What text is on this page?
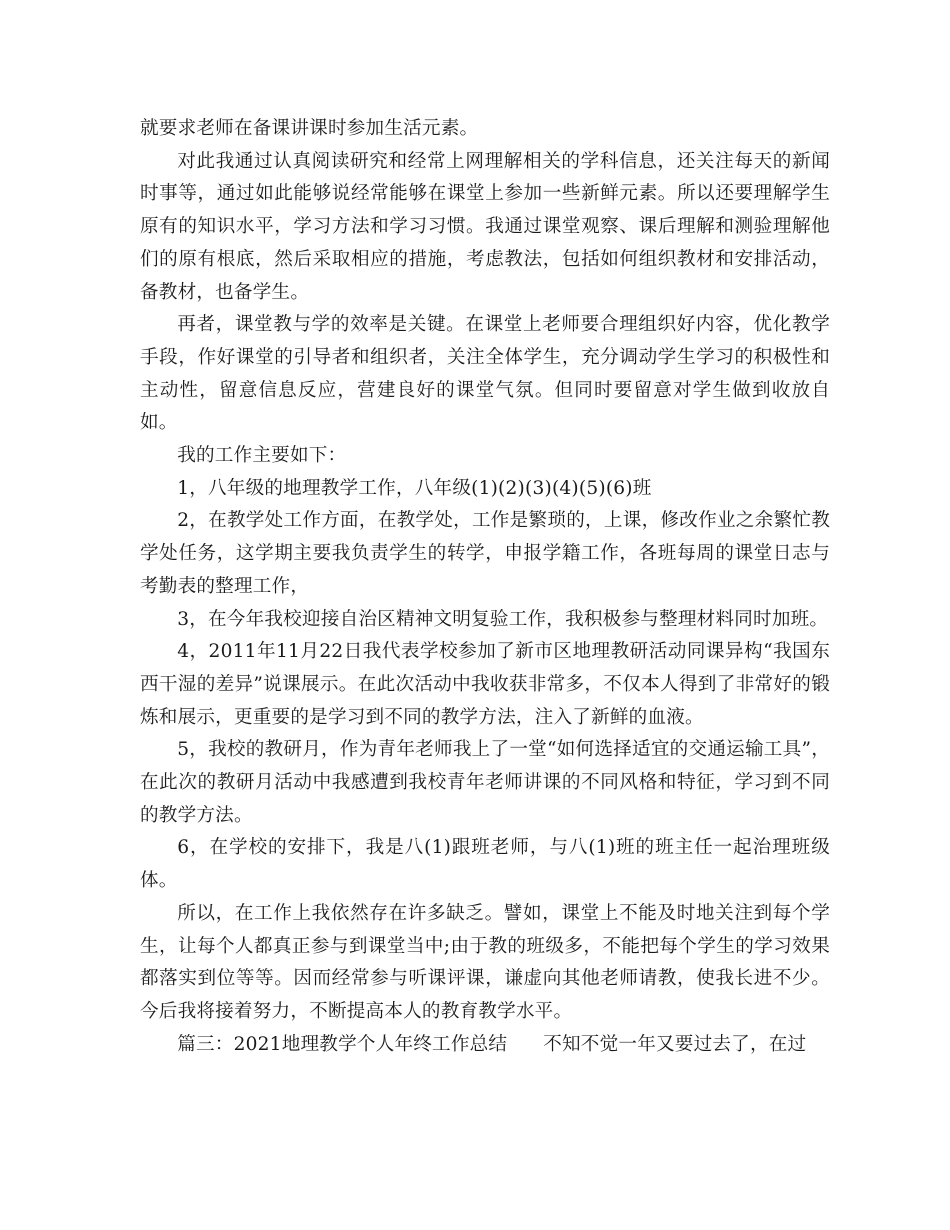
就要求老师在备课讲课时参加生活元素。

对此我通过认真阅读研究和经常上网理解相关的学科信息，还关注每天的新闻时事等，通过如此能够说经常能够在课堂上参加一些新鲜元素。所以还要理解学生原有的知识水平，学习方法和学习习惯。我通过课堂观察、课后理解和测验理解他们的原有根底，然后采取相应的措施，考虑教法，包括如何组织教材和安排活动，备教材，也备学生。

再者，课堂教与学的效率是关键。在课堂上老师要合理组织好内容，优化教学手段，作好课堂的引导者和组织者，关注全体学生，充分调动学生学习的积极性和主动性，留意信息反应，营建良好的课堂气氛。但同时要留意对学生做到收放自如。

我的工作主要如下：

1，八年级的地理教学工作，八年级(1)(2)(3)(4)(5)(6)班

2，在教学处工作方面，在教学处，工作是繁琐的，上课，修改作业之余繁忙教学处任务，这学期主要我负责学生的转学，申报学籍工作，各班每周的课堂日志与考勤表的整理工作，

3，在今年我校迎接自治区精神文明复验工作，我积极参与整理材料同时加班。

4，2011年11月22日我代表学校参加了新市区地理教研活动同课异构“我国东西干湿的差异”说课展示。在此次活动中我收获非常多，不仅本人得到了非常好的锻炼和展示，更重要的是学习到不同的教学方法，注入了新鲜的血液。

5，我校的教研月，作为青年老师我上了一堂“如何选择适宜的交通运输工具”，在此次的教研月活动中我感遭到我校青年老师讲课的不同风格和特征，学习到不同的教学方法。

6，在学校的安排下，我是八(1)跟班老师，与八(1)班的班主任一起治理班级体。

所以，在工作上我依然存在许多缺乏。譬如，课堂上不能及时地关注到每个学生，让每个人都真正参与到课堂当中;由于教的班级多，不能把每个学生的学习效果都落实到位等等。因而经常参与听课评课，谦虚向其他老师请教，使我长进不少。今后我将接着努力，不断提高本人的教育教学水平。

篇三：2021地理教学个人年终工作总结 不知不觉一年又要过去了，在过
